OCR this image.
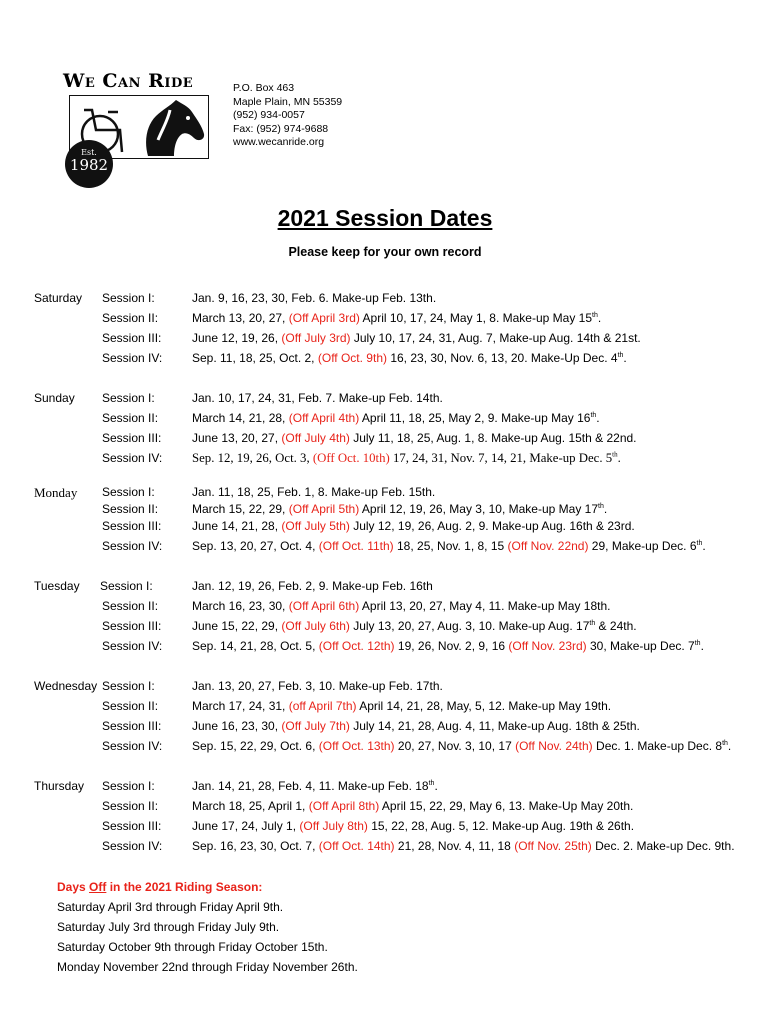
We Can Ride
Est.
1982
P.O. Box 463
Maple Plain, MN 55359
(952) 934-0057
Fax: (952) 974-9688
www.wecanride.org
2021 Session Dates
Please keep for your own record
Saturday Session I:	Jan. 9, 16, 23, 30, Feb. 6. Make-up Feb. 13th.
Session II:	March 13, 20, 27, (Off April 3rd) April 10, 17, 24, May 1, 8. Make-up May 15th.
Session III:	June 12, 19, 26, (Off July 3rd) July 10, 17, 24, 31, Aug. 7, Make-up Aug. 14th & 21st.
Session IV: Sep. 11, 18, 25, Oct. 2, (Off Oct. 9th) 16, 23, 30, Nov. 6, 13, 20. Make-Up Dec. 4th.
Sunday Session I:	Jan. 10, 17, 24, 31, Feb. 7. Make-up Feb. 14th.
Session II:	March 14, 21, 28, (Off April 4th) April 11, 18, 25, May 2, 9. Make-up May 16th.
Session III:	June 13, 20, 27, (Off July 4th) July 11, 18, 25, Aug. 1, 8. Make-up Aug. 15th & 22nd.
Session IV: Sep. 12, 19, 26, Oct. 3, (Off Oct. 10th) 17, 24, 31, Nov. 7, 14, 21, Make-up Dec. 5th.
Monday Session I:	Jan. 11, 18, 25, Feb. 1, 8. Make-up Feb. 15th.
Session II:	March 15, 22, 29, (Off April 5th) April 12, 19, 26, May 3, 10, Make-up May 17th.
Session III:	June 14, 21, 28, (Off July 5th) July 12, 19, 26, Aug. 2, 9. Make-up Aug. 16th & 23rd.
Session IV: Sep. 13, 20, 27, Oct. 4, (Off Oct. 11th) 18, 25, Nov. 1, 8, 15 (Off Nov. 22nd) 29, Make-up Dec. 6th.
Tuesday Session I:	Jan. 12, 19, 26, Feb. 2, 9. Make-up Feb. 16th
Session II:	March 16, 23, 30, (Off April 6th) April 13, 20, 27, May 4, 11. Make-up May 18th.
Session III:	June 15, 22, 29, (Off July 6th) July 13, 20, 27, Aug. 3, 10. Make-up Aug. 17th & 24th.
Session IV: Sep. 14, 21, 28, Oct. 5, (Off Oct. 12th) 19, 26, Nov. 2, 9, 16 (Off Nov. 23rd) 30, Make-up Dec. 7th.
Wednesday Session I:	Jan. 13, 20, 27, Feb. 3, 10. Make-up Feb. 17th.
Session II:	March 17, 24, 31, (off April 7th) April 14, 21, 28, May, 5, 12. Make-up May 19th.
Session III:	June 16, 23, 30, (Off July 7th) July 14, 21, 28, Aug. 4, 11, Make-up Aug. 18th & 25th.
Session IV: Sep. 15, 22, 29, Oct. 6, (Off Oct. 13th) 20, 27, Nov. 3, 10, 17 (Off Nov. 24th) Dec. 1. Make-up Dec. 8th.
Thursday Session I:	Jan. 14, 21, 28, Feb. 4, 11. Make-up Feb. 18th.
Session II:	March 18, 25, April 1, (Off April 8th) April 15, 22, 29, May 6, 13. Make-Up May 20th.
Session III:	June 17, 24, July 1, (Off July 8th) 15, 22, 28, Aug. 5, 12. Make-up Aug. 19th & 26th.
Session IV: Sep. 16, 23, 30, Oct. 7, (Off Oct. 14th) 21, 28, Nov. 4, 11, 18 (Off Nov. 25th) Dec. 2. Make-up Dec. 9th.
Days Off in the 2021 Riding Season:
Saturday April 3rd through Friday April 9th.
Saturday July 3rd through Friday July 9th.
Saturday October 9th through Friday October 15th.
Monday November 22nd through Friday November 26th.
